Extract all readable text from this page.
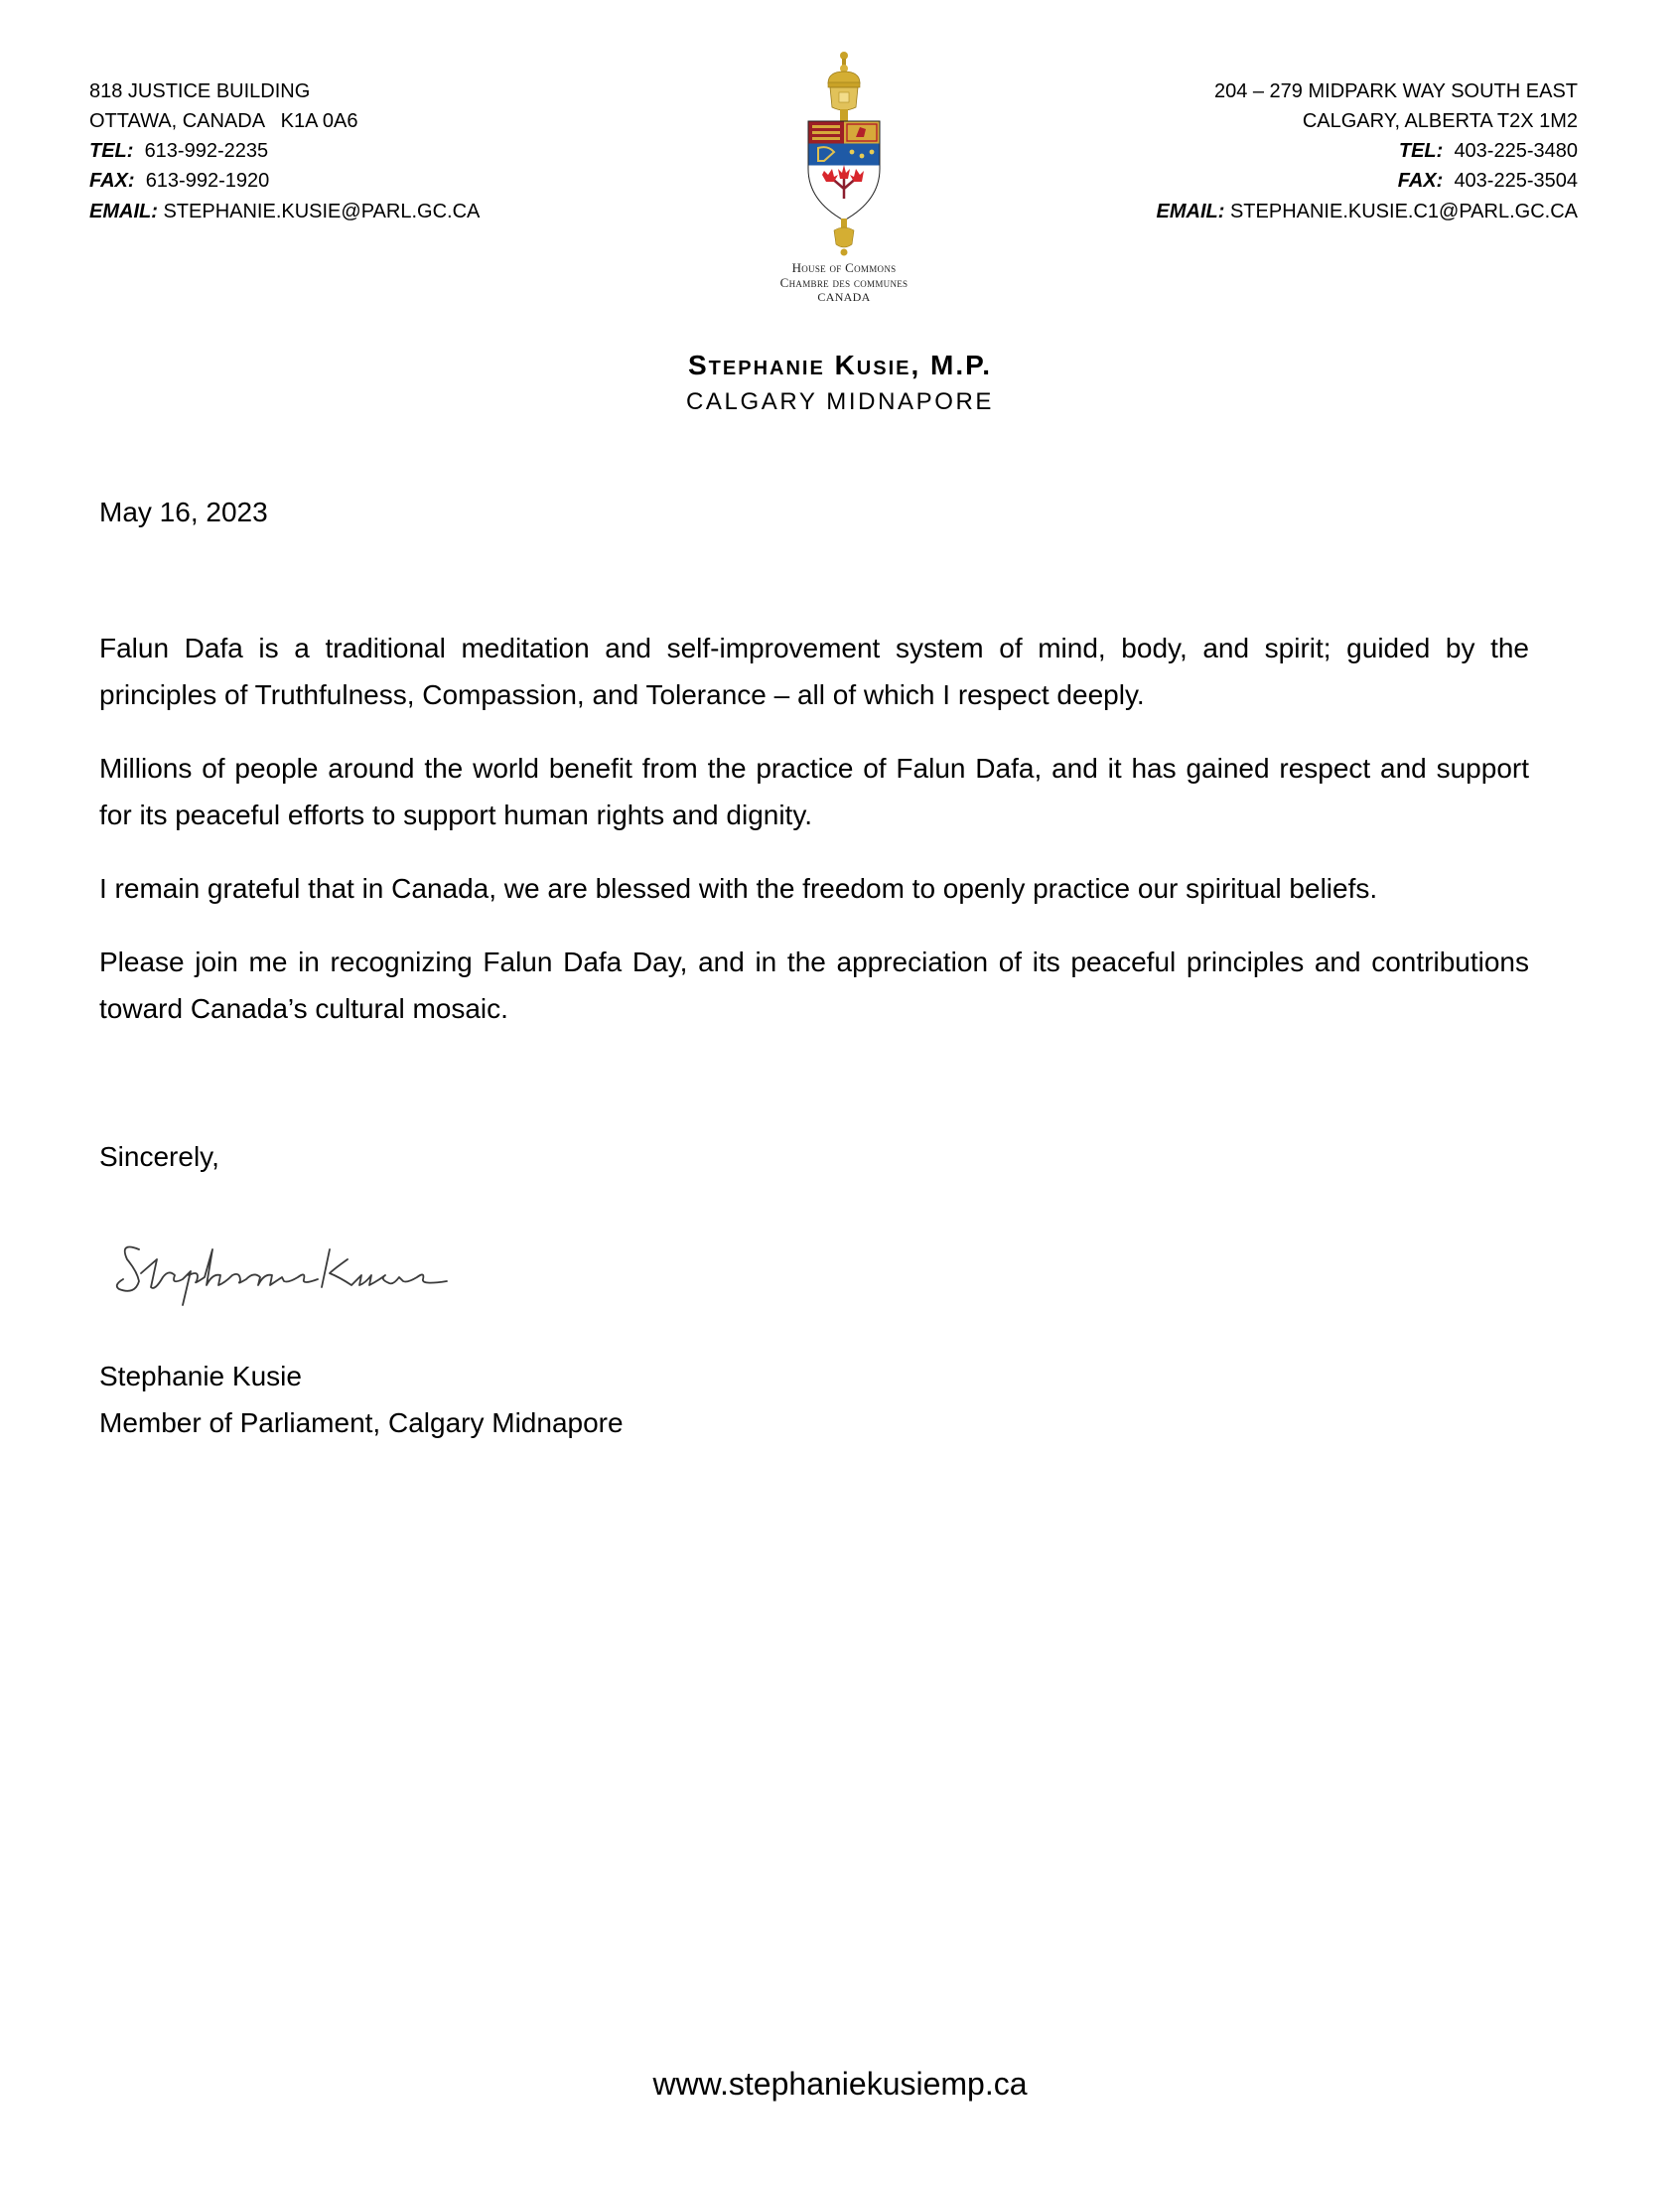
818 JUSTICE BUILDING
OTTAWA, CANADA   K1A 0A6
TEL: 613-992-2235
FAX: 613-992-1920
EMAIL: STEPHANIE.KUSIE@PARL.GC.CA
House of Commons
Chambre des communes
CANADA
204 – 279 MIDPARK WAY SOUTH EAST
CALGARY, ALBERTA T2X 1M2
TEL: 403-225-3480
FAX: 403-225-3504
EMAIL: STEPHANIE.KUSIE.C1@PARL.GC.CA
Stephanie Kusie, M.P.
CALGARY MIDNAPORE
May 16, 2023

Falun Dafa is a traditional meditation and self-improvement system of mind, body, and spirit; guided by the principles of Truthfulness, Compassion, and Tolerance – all of which I respect deeply.

Millions of people around the world benefit from the practice of Falun Dafa, and it has gained respect and support for its peaceful efforts to support human rights and dignity.

I remain grateful that in Canada, we are blessed with the freedom to openly practice our spiritual beliefs.

Please join me in recognizing Falun Dafa Day, and in the appreciation of its peaceful principles and contributions toward Canada’s cultural mosaic.

Sincerely,
Stephanie Kusie
Member of Parliament, Calgary Midnapore
www.stephaniekusiemp.ca
